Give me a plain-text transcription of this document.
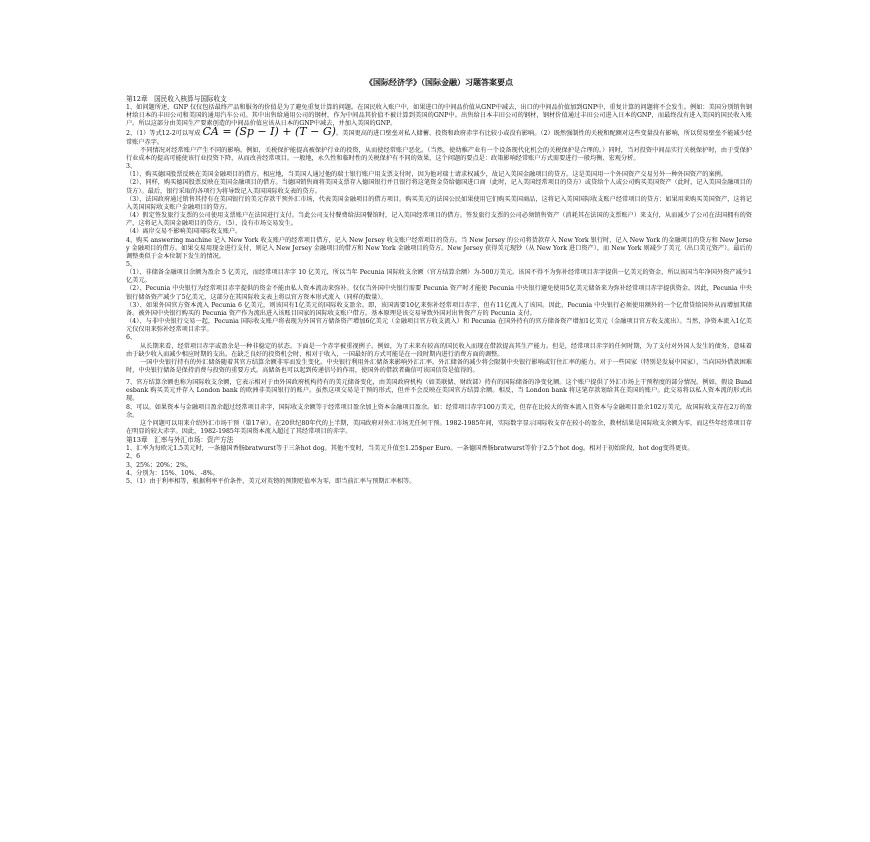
《国际经济学》（国际金融）习题答案要点
第12章　国民收入核算与国际收支

1、如问题所述，GNP 仅仅包括最终产品和服务的价值是为了避免重复计算的问题。在国民收入账户中，如果进口的中间品价值从GNP中减去，出口的中间品价值加到GNP中，重复计算的问题将不会发生。例如：美国分别销售钢材给日本的丰田公司和美国的通用汽车公司。其中出售给通用公司的钢材，作为中间品其价值不被计算到美国的GNP中。出售给日本丰田公司的钢材，钢材价值通过丰田公司进入日本的GNP，而最终没有进入美国的国民收入账户。所以这部分由美国生产要素创造的中间品价值应该从日本的GNP中减去，并加入美国的GNP。

2、（1）等式12-2可以写成 CA = (Sp − I) + (T − G)。美国更高的进口壁垒对私人储蓄、投资和政府赤字有比较小或没有影响。（2）既然强制性的关税和配额对这些变量没有影响，所以贸易壁垒不能减少经常账户赤字。

不同情况对经常账户产生不同的影响。例如，关税保护能提高被保护行业的投资，从而使经常账户恶化。（当然，使幼稚产业有一个设备现代化机会的关税保护是合理的。）同时，当对投资中间品实行关税保护时，由于受保护行业成本的提高可能使该行业投资下降，从而改善经常项目。一般地，永久性和临时性的关税保护有不同的效果，这个问题的要点是：政策影响经常账户方式需要进行一般均衡、宏观分析。

3、

（1）、购买德国股票反映在美国金融项目的借方。相应地，当美国人通过他的瑞士银行账户用支票支付时，因为他对瑞士请求权减少，故记入美国金融项目的贷方。这是美国用一个外国资产交易另外一种外国资产的案例。

（2）、同样，购买德国股票反映在美国金融项目的借方。当德国销售商将美国支票存入德国银行并且银行将这笔资金贷给德国进口商（此时，记入美国经常项目的贷方）或贷给个人或公司购买美国资产（此时，记入美国金融项目的贷方）。最后，银行采取的各项行为将导致记入美国国际收支表的贷方。

（3）、法国政府通过销售其持有在美国银行的美元存款干预外汇市场，代表美国金融项目的借方项目。购买美元的法国公民如果使用它们购买美国商品，这将记入美国国际收支账户经常项目的贷方；如果用来购买美国资产，这将记入美国国际收支账户金融项目的贷方。

（4）假定签发旅行支票的公司使用支票账户在法国进行支付。当此公司支付餐费给法国餐馆时，记入美国经常项目的借方。签发旅行支票的公司必须销售资产（消耗其在法国的支票账户）来支付，从而减少了公司在法国拥有的资产，这将记入美国金融项目的贷方。（5）、没有市场交易发生。

（4）离岸交易不影响美国国际收支账户。

4、购买 answering machine 记入 New York 收支账户的经常项目借方，记入 New Jersey 收支账户经常项目的贷方。当 New Jersey 的公司将货款存入 New York 银行时，记入 New York 的金融项目的贷方和 New Jersey 金融项目的借方。如果交易用现金进行支付，则记入 New Jersey 金融项目的借方和 New York 金融项目的贷方。New Jersey 获得美元现钞（从 New York 进口资产），而 New York 则减少了美元（出口美元资产）。最后的调整类似于金本位制下发生的情况。

5、

（1）、非储备金融项目余额为盈余 5 亿美元，而经常项目赤字 10 亿美元，所以当年 Pecunia 国际收支余额（官方结算余额）为-500万美元。该国不得不为弥补经常项目赤字提供一亿美元的资金，所以该国当年净国外资产减少1亿美元。

（2）、Pecunia 中央银行为经常项目赤字提供的资金不能由私人资本流动来弥补。仅仅当外国中央银行需要 Pecunia 资产时才能使 Pecunia 中央银行避免使用5亿美元储备来为弥补经常项目赤字提供资金。因此，Pecunia 中央银行储备资产减少了5亿美元，这部分在其国际收支表上将以官方资本形式流入（同样的数量）。

（3）、如果外国官方资本流入 Pecunia 6 亿美元，则该国有1亿美元的国际收支盈余。即，该国需要10亿来弥补经常项目赤字，但有11亿流入了该国。因此，Pecunia 中央银行必须使用额外的一个亿借贷给国外从而增加其储备。被外国中央银行购买的 Pecunia 资产作为流出进入该账目国家的国际收支账户借方。基本原理是该交易导致外国对出售资产方的 Pecunia 支付。

（4）、与非中央银行交易一起，Pecunia 国际收支账户将表现为外国官方储备资产增加6亿美元（金融项目官方收支流入）和 Pecunia 在国外持有的官方储备资产增加1亿美元（金融项目官方收支流出）。当然，净资本流入1亿美元仅仅用来弥补经常项目赤字。

6、

从长期来看，经常项目赤字或盈余是一种非稳定的状态。下面是一个赤字被重视例子。例如，为了未来有较高的国民收入而现在借款提高其生产能力。但是，经常项目赤字的任何时期，为了支付对外国人发生的债务，意味着由于缺少收入而减少相应时期的支出。在缺乏良好的投资机会时，相对于收入，一国最好的方式可能是在一段时期内进行消费方面的调整。

一国中央银行持有的外汇储备随着其官方结算余额非零而发生变化。中央银行利用外汇储备来影响外汇汇率。外汇储备的减少将会限制中央银行影响或钉住汇率的能力。对于一些国家（特别是发展中国家），当向国外借款困难时，中央银行储备是保持消费与投资的重要方式。高储备也可以起到传递信号的作用，使国外的借款者确信可该国信贷是值得的。

7、官方结算余额也称为国际收支余额，它表示相对于由外国政府机构持有的美元储备变化，由美国政府机构（如美联储、财政部）持有的国际储备的净变化额。这个账户提供了外汇市场上干预程度的部分情况。例如，假设 Bundesbank 购买美元并存入 London bank 的欧洲非美国银行的账户。虽然这项交易是干预的形式，但并不会反映在美国官方结算余额。相反，当 London bank 将这笔存款划给其在美国的账户。此交易将以私人资本流的形式出现。

8、可以。如果资本与金融项目盈余超过经常项目赤字，国际收支余额等于经常项目盈余加上资本金融项目盈余。如：经常项目赤字100万美元，但存在比较大的资本流入且资本与金融项目盈余102万美元，故国际收支存在2万的盈余。

这个问题可以用来介绍外汇市场干预（第17章）。在20世纪80年代的上半期，美国政府对外汇市场无任何干预。1982-1985年间，实际数字显示国际收支存在较小的盈余，教材结果是国际收支余额为零，而这些年经常项目存在明显的较大赤字。因此，1982-1985年美国资本流入超过了其经常项目的赤字。

第13章　汇率与外汇市场：资产方法

1、汇率为每欧元1.5美元时，一条德国香肠bratwurst等于三条hot dog。其他不变时，当美元升值至1.25$per Euro。一条德国香肠bratwurst等价于2.5个hot dog。相对于初始阶段，hot dog变得更贵。

2、6

3、25%；20%；2%。

4、分别为：15%、10%、-8%。

5、（1）由于利率相等，根据利率平价条件，美元对英镑的预期贬值率为零，即当前汇率与预期汇率相等。
